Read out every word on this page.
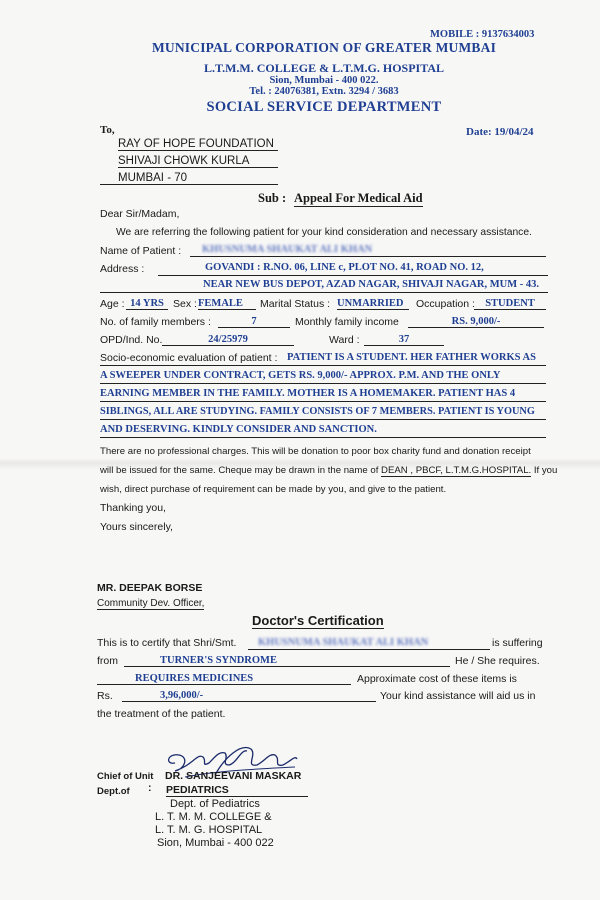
MOBILE : 9137634003
MUNICIPAL CORPORATION OF GREATER MUMBAI
L.T.M.M. COLLEGE & L.T.M.G. HOSPITAL
Sion, Mumbai - 400 022.
Tel. : 24076381, Extn. 3294 / 3683
SOCIAL SERVICE DEPARTMENT
Date: 19/04/24
To,
RAY OF HOPE FOUNDATION
SHIVAJI CHOWK KURLA
MUMBAI - 70
Sub : Appeal For Medical Aid
Dear Sir/Madam,
We are referring the following patient for your kind consideration and necessary assistance.
Name of Patient : KHUSNUMA SHAUKAT ALI KHAN
Address :	GOVANDI : R.NO. 06, LINE c, PLOT NO. 41, ROAD NO. 12,
NEAR NEW BUS DEPOT, AZAD NAGAR, SHIVAJI NAGAR, MUM - 43.
Age : 14 YRS Sex : FEMALE	Marital Status : UNMARRIED	Occupation : STUDENT
No. of family members :	7	Monthly family income	RS. 9,000/-
OPD/Ind. No.	24/25979	Ward :	37
Socio-economic evaluation of patient : PATIENT IS A STUDENT. HER FATHER WORKS AS
A SWEEPER UNDER CONTRACT, GETS RS. 9,000/- APPROX. P.M. AND THE ONLY
EARNING MEMBER IN THE FAMILY. MOTHER IS A HOMEMAKER. PATIENT HAS 4
SIBLINGS, ALL ARE STUDYING. FAMILY CONSISTS OF 7 MEMBERS. PATIENT IS YOUNG
AND DESERVING. KINDLY CONSIDER AND SANCTION.
There are no professional charges. This will be donation to poor box charity fund and donation receipt
will be issued for the same. Cheque may be drawn in the name of DEAN , PBCF, L.T.M.G.HOSPITAL. If you
wish, direct purchase of requirement can be made by you, and give to the patient.
Thanking you,
Yours sincerely,
MR. DEEPAK BORSE
Community Dev. Officer,
Doctor's Certification
This is to certify that Shri/Smt. KHUSNUMA SHAUKAT ALI KHAN	is suffering
from	TURNER'S SYNDROME	He / She requires.
REQUIRES MEDICINES	Approximate cost of these items is
Rs.	3,96,000/-	Your kind assistance will aid us in
the treatment of the patient.
Chief of Unit DR. SANJEEVANI MASKAR
Dept.of : PEDIATRICS
Dept. of Pediatrics
L. T. M. M. COLLEGE &
L. T. M. G. HOSPITAL
Sion, Mumbai - 400 022
